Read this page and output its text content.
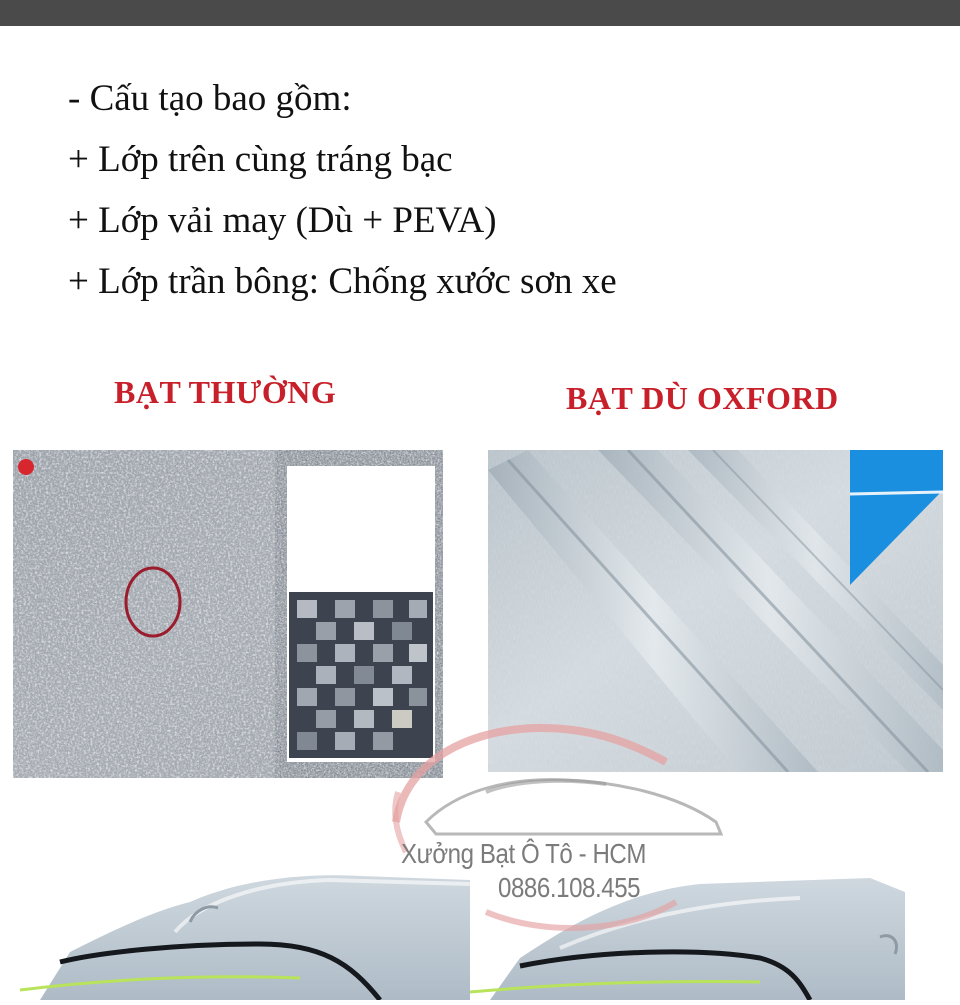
- Cấu tạo bao gồm:
+ Lớp trên cùng tráng bạc
+ Lớp vải may (Dù + PEVA)
+ Lớp trần bông: Chống xước sơn xe
BẠT THƯỜNG	BẠT DÙ OXFORD
Xưởng Bạt Ô Tô - HCM
0886.108.455
